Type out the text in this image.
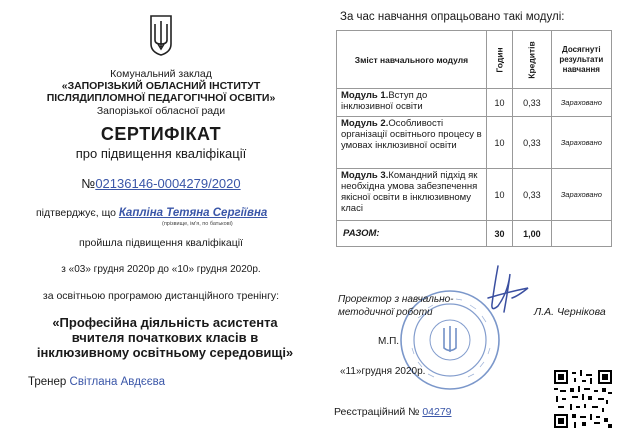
Комунальний заклад
«ЗАПОРІЗЬКИЙ ОБЛАСНИЙ ІНСТИТУТ
ПІСЛЯДИПЛОМНОЇ ПЕДАГОГІЧНОЇ ОСВІТИ»
Запорізької обласної ради
СЕРТИФІКАТ
про підвищення кваліфікації
№02136146-0004279/2020
підтверджує, що Капліна Тетяна Сергіївна
(прізвище, ім'я, по батькові)
пройшла підвищення кваліфікації
з «03» грудня 2020р до «10» грудня 2020р.
за освітньою програмою дистанційного тренінгу:
«Професійна діяльність асистента вчителя початкових класів в інклюзивному освітньому середовищі»
Тренер Світлана Авдєєва
За час навчання опрацьовано такі модулі:
Зміст навчального модуля	Годин	Кредитів	Досягнуті результати навчання
Модуль 1.Вступ до інклюзивної освіти	10	0,33	Зараховано
Модуль 2.Особливості організації освітнього процесу в умовах інклюзивної освіти	10	0,33	Зараховано
Модуль 3.Командний підхід як необхідна умова забезпечення якісної освіти в інклюзивному класі	10	0,33	Зараховано
РАЗОМ:	30	1,00	
Проректор з навчально-
методичної роботи	Л.А. Чернікова
М.П.
«11»грудня 2020р.
Реєстраційний № 04279
